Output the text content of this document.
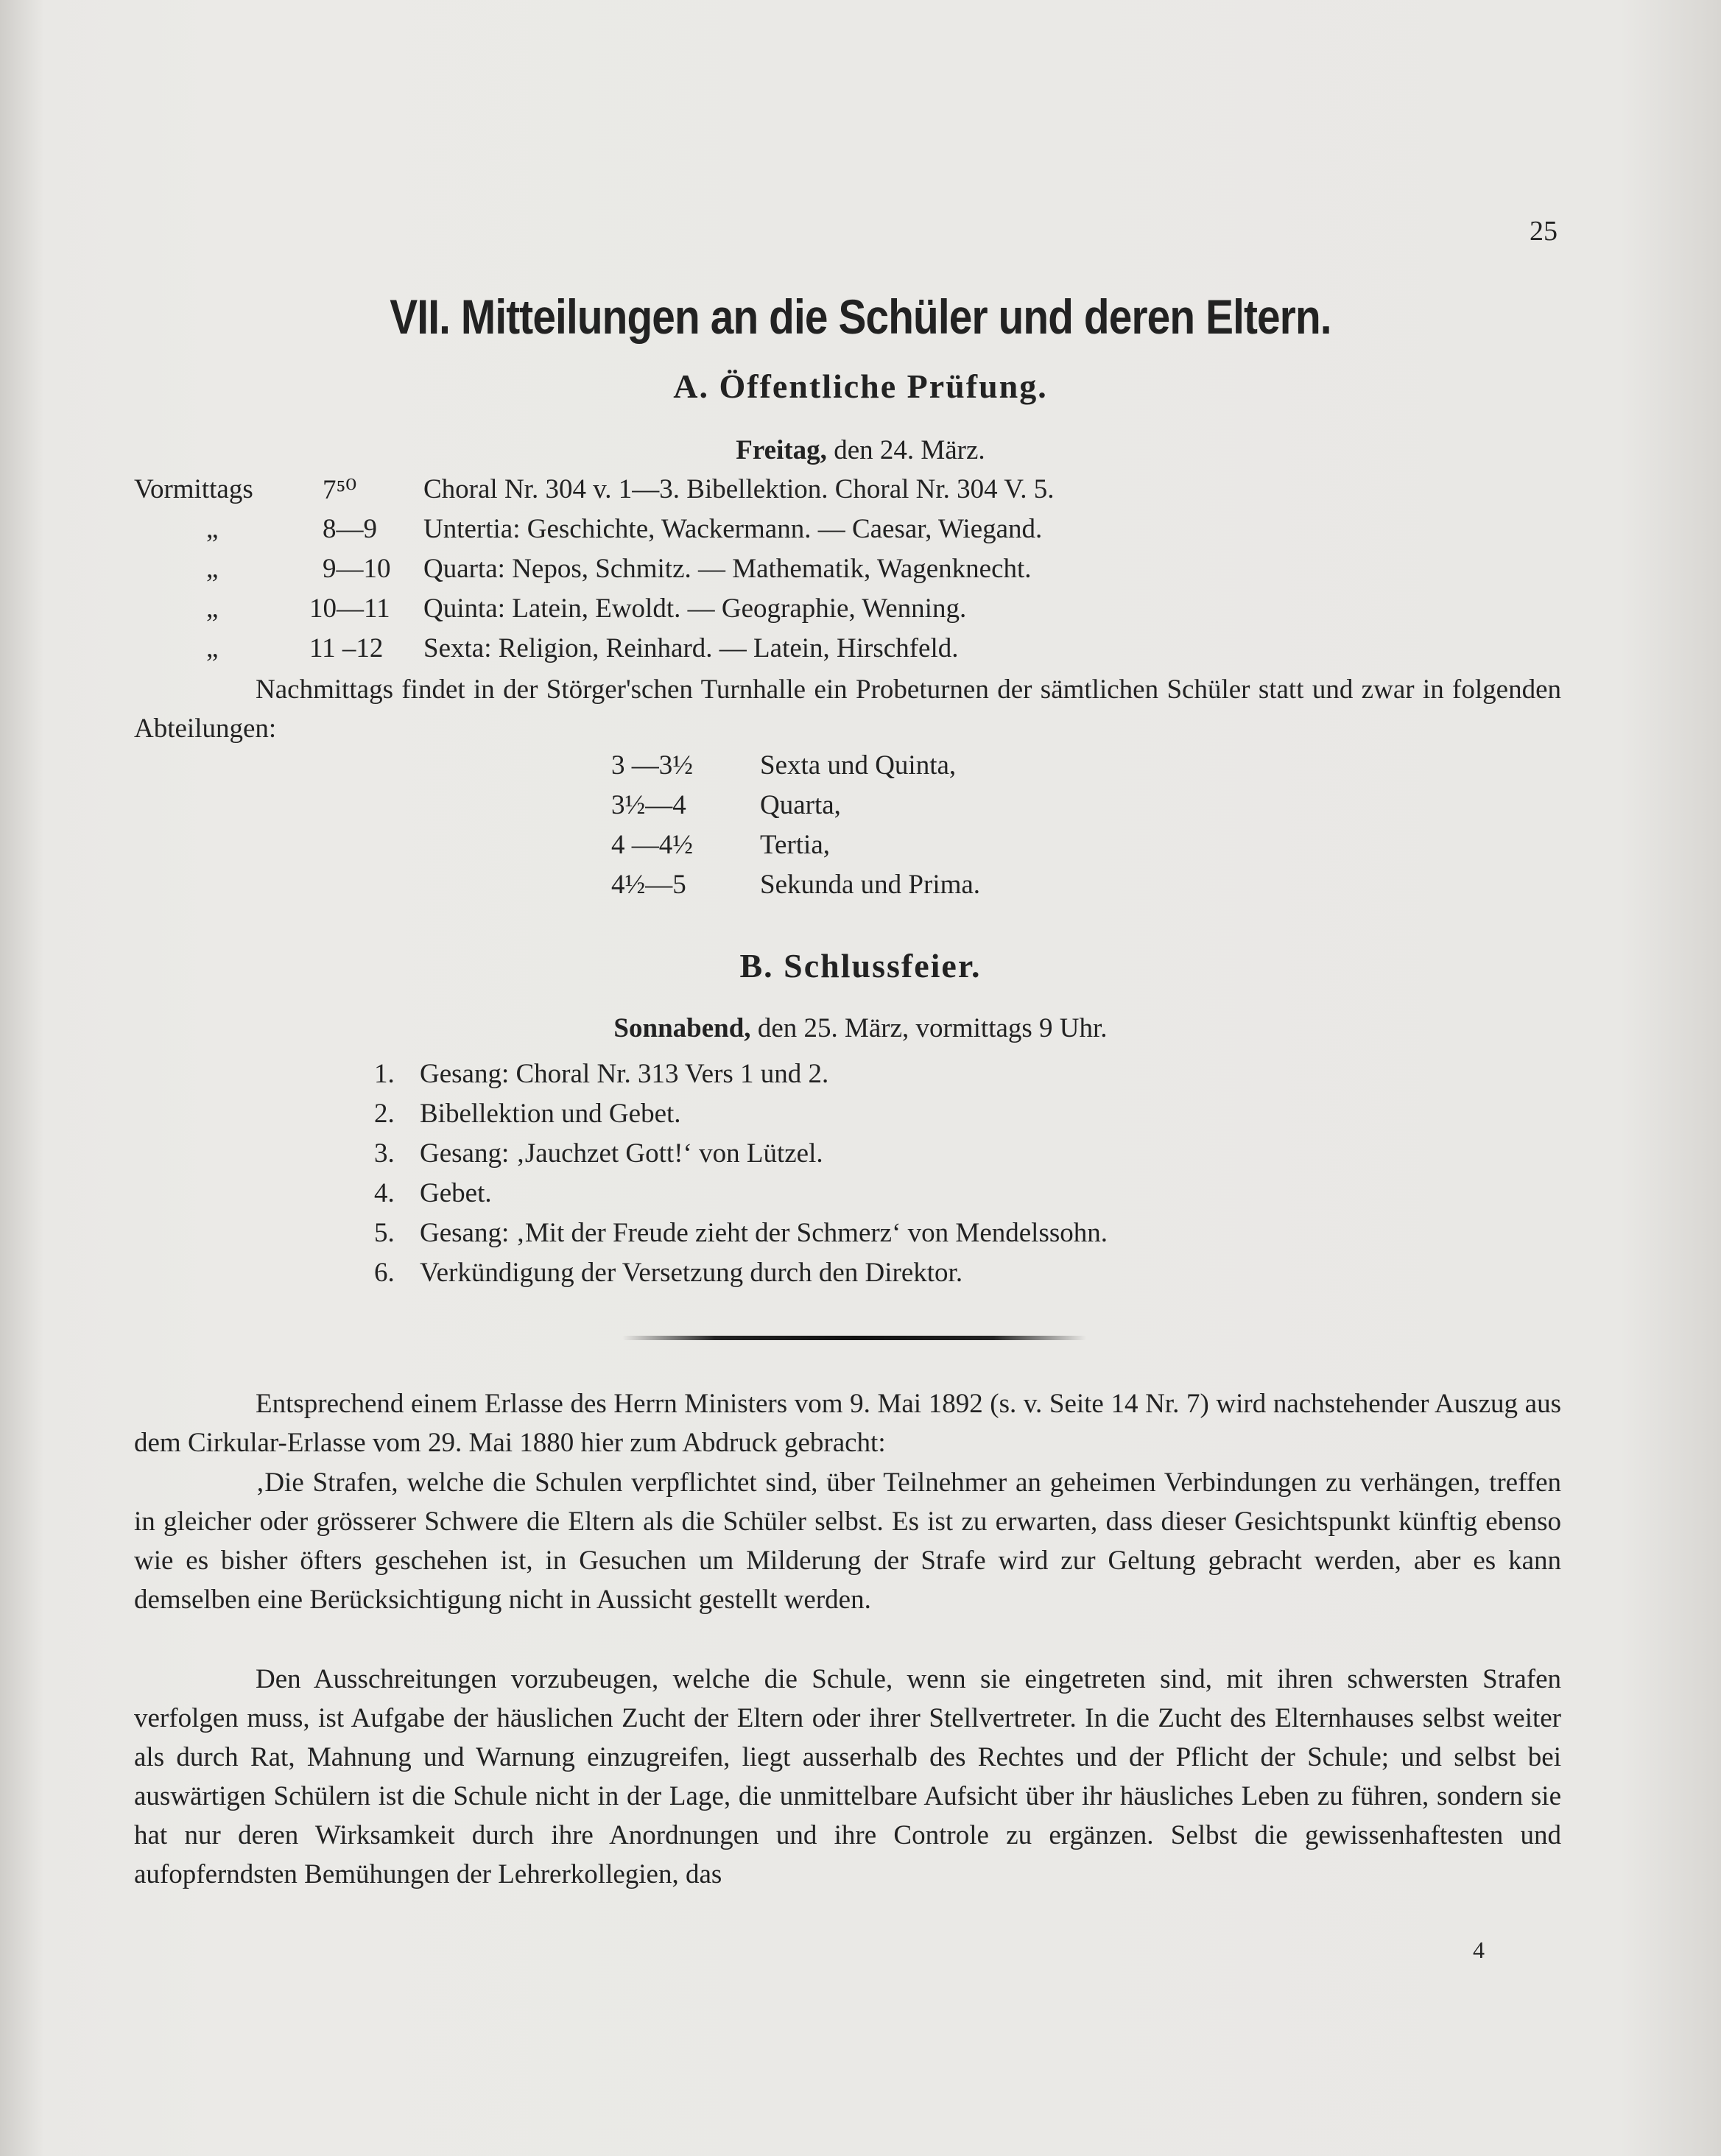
25
VII. Mitteilungen an die Schüler und deren Eltern.
A. Öffentliche Prüfung.
Freitag, den 24. März.
Vormittags	7⁵⁰ Choral Nr. 304 v. 1—3. Bibellektion. Choral Nr. 304 V. 5.
„	8—9 Untertia: Geschichte, Wackermann. — Caesar, Wiegand.
„	9—10 Quarta: Nepos, Schmitz. — Mathematik, Wagenknecht.
„	10—11 Quinta: Latein, Ewoldt. — Geographie, Wenning.
„	11 –12 Sexta: Religion, Reinhard. — Latein, Hirschfeld.
Nachmittags findet in der Störger'schen Turnhalle ein Probeturnen der sämtlichen Schüler statt und zwar in folgenden Abteilungen:
3 —3½ Sexta und Quinta,
3½—4	Quarta,
4 —4½ Tertia,
4½—5	Sekunda und Prima.
B. Schlussfeier.
Sonnabend, den 25. März, vormittags 9 Uhr.
1. Gesang: Choral Nr. 313 Vers 1 und 2.
2. Bibellektion und Gebet.
3. Gesang: ‚Jauchzet Gott!‘ von Lützel.
4. Gebet.
5. Gesang: ‚Mit der Freude zieht der Schmerz‘ von Mendelssohn.
6. Verkündigung der Versetzung durch den Direktor.
Entsprechend einem Erlasse des Herrn Ministers vom 9. Mai 1892 (s. v. Seite 14 Nr. 7) wird nachstehender Auszug aus dem Cirkular-Erlasse vom 29. Mai 1880 hier zum Abdruck gebracht:
‚Die Strafen, welche die Schulen verpflichtet sind, über Teilnehmer an geheimen Verbindungen zu verhängen, treffen in gleicher oder grösserer Schwere die Eltern als die Schüler selbst. Es ist zu erwarten, dass dieser Gesichtspunkt künftig ebenso wie es bisher öfters geschehen ist, in Gesuchen um Milderung der Strafe wird zur Geltung gebracht werden, aber es kann demselben eine Berücksichtigung nicht in Aussicht gestellt werden.
Den Ausschreitungen vorzubeugen, welche die Schule, wenn sie eingetreten sind, mit ihren schwersten Strafen verfolgen muss, ist Aufgabe der häuslichen Zucht der Eltern oder ihrer Stellvertreter. In die Zucht des Elternhauses selbst weiter als durch Rat, Mahnung und Warnung einzugreifen, liegt ausserhalb des Rechtes und der Pflicht der Schule; und selbst bei auswärtigen Schülern ist die Schule nicht in der Lage, die unmittelbare Aufsicht über ihr häusliches Leben zu führen, sondern sie hat nur deren Wirksamkeit durch ihre Anordnungen und ihre Controle zu ergänzen. Selbst die gewissenhaftesten und aufopferndsten Bemühungen der Lehrerkollegien, das
4
